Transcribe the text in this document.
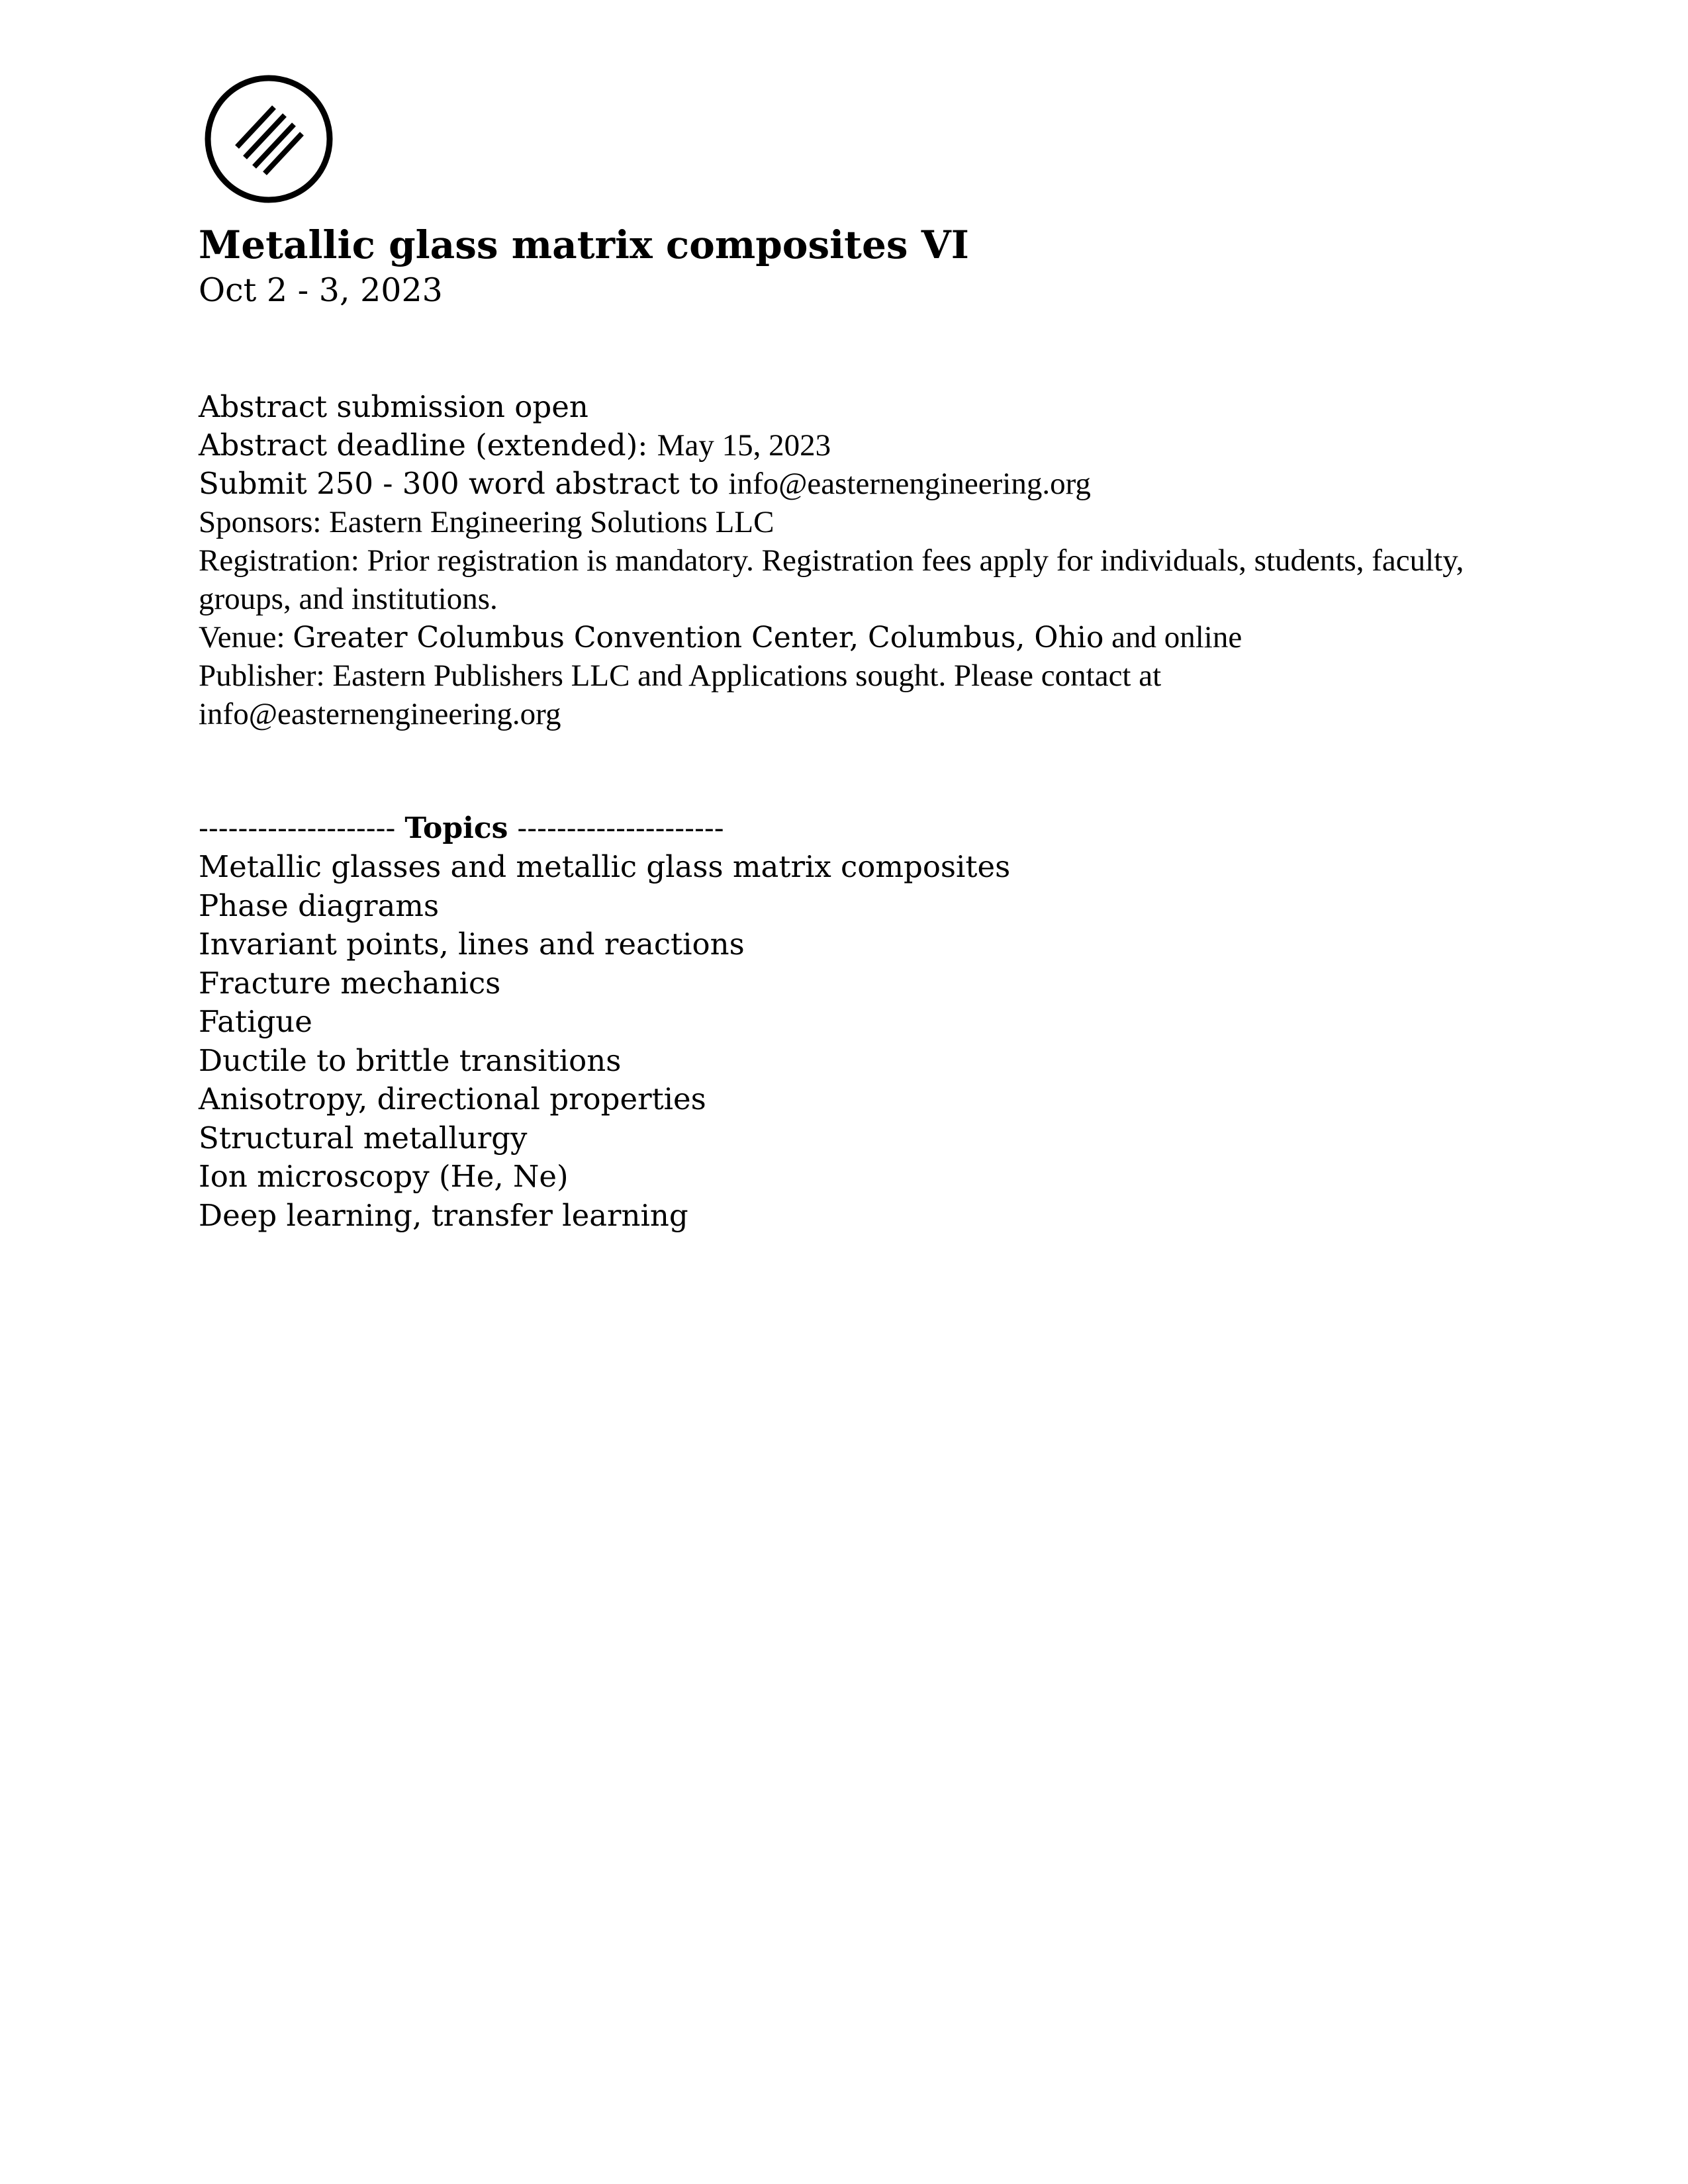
Metallic glass matrix composites VI
Oct 2 - 3, 2023
Abstract submission open
Abstract deadline (extended): May 15, 2023
Submit 250 - 300 word abstract to info@easternengineering.org
Sponsors: Eastern Engineering Solutions LLC
Registration: Prior registration is mandatory. Registration fees apply for individuals, students, faculty, groups, and institutions.
Venue: Greater Columbus Convention Center, Columbus, Ohio and online
Publisher: Eastern Publishers LLC and Applications sought. Please contact at info@easternengineering.org
-------------------- Topics ---------------------
Metallic glasses and metallic glass matrix composites
Phase diagrams
Invariant points, lines and reactions
Fracture mechanics
Fatigue
Ductile to brittle transitions
Anisotropy, directional properties
Structural metallurgy
Ion microscopy (He, Ne)
Deep learning, transfer learning
